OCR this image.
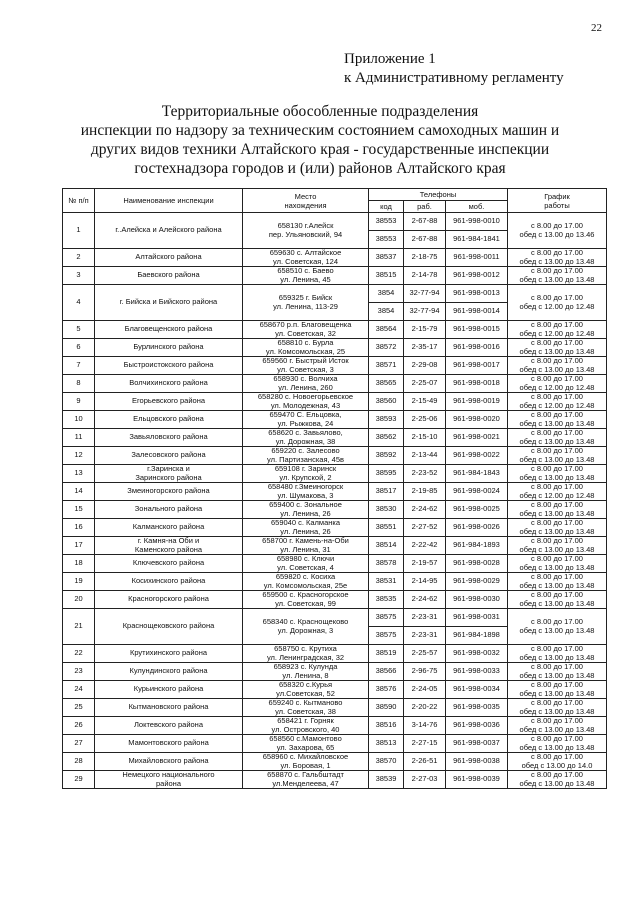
22
Приложение 1
к Административному регламенту
Территориальные обособленные подразделения
инспекции по надзору за техническим состоянием самоходных машин и
других видов техники Алтайского края - государственные инспекции
гостехнадзора городов и (или) районов Алтайского края
№ п/п	Наименование инспекции	Место
нахождения	Телефоны			График
работы

			код	раб.	моб.	
1	г..Алейска и Алейского района	658130 г.Алейск
пер. Ульяновский, 94	38553	2-67-88	961-998-0010	с 8.00 до 17.00
обед с 13.00 до 13.46

			38553	2-67-88	961-984-1841	
2	Алтайского района	659630 с. Алтайское
ул. Советская, 124	38537	2-18-75	961-998-0011	с 8.00 до 17.00
обед с 13.00 до 13.48

3	Баевского района	658510 с. Баево
ул. Ленина, 45	38515	2-14-78	961-998-0012	с 8.00 до 17.00
обед с 13.00 до 13.48

4	г. Бийска и Бийского района	659325 г. Бийск
ул. Ленина, 113-29	3854	32-77-94	961-998-0013	с 8.00 до 17.00
обед с 12.00 до 12.48

			3854	32-77-94	961-998-0014	
5	Благовещенского района	658670 р.п. Благовещенка
ул. Советская, 32	38564	2-15-79	961-998-0015	с 8.00 до 17.00
обед с 12.00 до 12.48

6	Бурлинского района	658810 с. Бурла
ул. Комсомольская, 25	38572	2-35-17	961-998-0016	с 8.00 до 17.00
обед с 13.00 до 13.48

7	Быстроистокского района	659560 г. Быстрый Исток
ул. Советская, 3	38571	2-29-08	961-998-0017	с 8.00 до 17.00
обед с 13.00 до 13.48

8	Волчихинского района	658930 с. Волчиха
ул. Ленина, 260	38565	2-25-07	961-998-0018	с 8.00 до 17.00
обед с 12.00 до 12.48

9	Егорьевского района	658280 с. Новоегорьевское
ул. Молодежная, 43	38560	2-15-49	961-998-0019	с 8.00 до 17.00
обед с 12.00 до 12.48

10	Ельцовского района	659470 С. Ельцовка,
ул. Рыжкова, 24	38593	2-25-06	961-998-0020	с 8.00 до 17.00
обед с 13.00 до 13.48

11	Завьяловского района	658620 с. Завьялово,
ул. Дорожная, 38	38562	2-15-10	961-998-0021	с 8.00 до 17.00
обед с 13.00 до 13.48

12	Залесовского района	659220 с. Залесово
ул. Партизанская, 45в	38592	2-13-44	961-998-0022	с 8.00 до 17.00
обед с 13.00 до 13.48

13	г.Заринска и
Заринского района	659108 г. Заринск
ул. Крупской, 2	38595	2-23-52	961-984-1843	с 8.00 до 17.00
обед с 13.00 до 13.48

14	Змеиногорского района	658480 г.Змеиногорск
ул. Шумакова, 3	38517	2-19-85	961-998-0024	с 8.00 до 17.00
обед с 12.00 до 12.48

15	Зонального района	659400 с. Зональное
ул. Ленина, 26	38530	2-24-62	961-998-0025	с 8.00 до 17.00
обед с 13.00 до 13.48

16	Калманского района	659040 с. Калманка
ул. Ленина, 26	38551	2-27-52	961-998-0026	с 8.00 до 17.00
обед с 13.00 до 13.48

17	г. Камня-на Оби и
Каменского района	658700 г. Камень-на-Оби
ул. Ленина, 31	38514	2-22-42	961-984-1893	с 8.00 до 17.00
обед с 13.00 до 13.48

18	Ключевского района	658980 с. Ключи
ул. Советская, 4	38578	2-19-57	961-998-0028	с 8.00 до 17.00
обед с 13.00 до 13.48

19	Косихинского района	659820 с. Косиха
ул. Комсомольская, 25е	38531	2-14-95	961-998-0029	с 8.00 до 17.00
обед с 13.00 до 13.48

20	Красногорского района	659500 с. Красногорское
ул. Советская, 99	38535	2-24-62	961-998-0030	с 8.00 до 17.00
обед с 13.00 до 13.48

21	Краснощековского района	658340 с. Краснощеково
ул. Дорожная, 3	38575	2-23-31	961-998-0031	с 8.00 до 17.00
обед с 13.00 до 13.48

			38575	2-23-31	961-984-1898	
22	Крутихинского района	658750 с. Крутиха
ул. Ленинградская, 32	38519	2-25-57	961-998-0032	с 8.00 до 17.00
обед с 13.00 до 13.48

23	Кулундинского района	658923 с. Кулунда
ул. Ленина, 8	38566	2-96-75	961-998-0033	с 8.00 до 17.00
обед с 13.00 до 13.48

24	Курьинского района	658320 с.Курья
ул.Советская, 52	38576	2-24-05	961-998-0034	с 8.00 до 17.00
обед с 13.00 до 13.48

25	Кытмановского района	659240 с. Кытманово
ул. Советская, 38	38590	2-20-22	961-998-0035	с 8.00 до 17.00
обед с 13.00 до 13.48

26	Локтевского района	658421 г. Горняк
ул. Островского, 40	38516	3-14-76	961-998-0036	с 8.00 до 17.00
обед с 13.00 до 13.48

27	Мамонтовского района	658560 с.Мамонтово
ул. Захарова, 65	38513	2-27-15	961-998-0037	с 8.00 до 17.00
обед с 13.00 до 13.48

28	Михайловского района	658960 с. Михайловское
ул. Боровая, 1	38570	2-26-51	961-998-0038	с 8.00 до 17.00
обед с 13.00 до 14.0

29	Немецкого национального
района	658870 с. Гальбштадт
ул.Менделеева, 47	38539	2-27-03	961-998-0039	с 8.00 до 17.00
обед с 13.00 до 13.48
